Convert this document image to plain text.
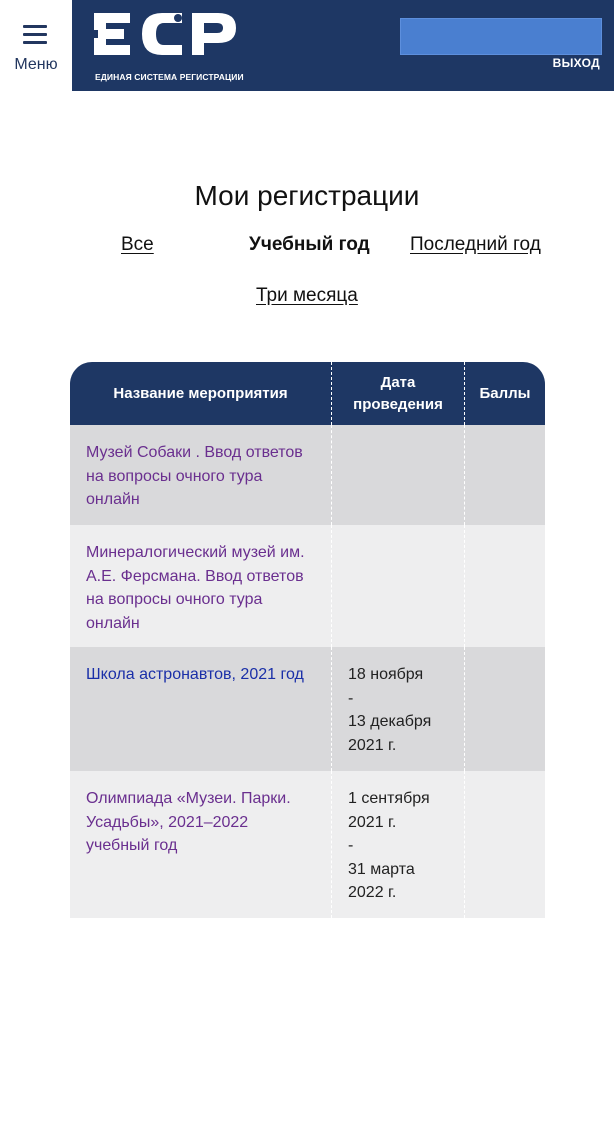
Меню
ЕДИНАЯ СИСТЕМА РЕГИСТРАЦИИ
ВЫХОД
Мои регистрации
Все	Учебный год Последний год
Три месяца
Название мероприятия
Дата
проведения
Баллы
Музей Собаки . Ввод ответов
на вопросы очного тура
онлайн
Минералогический музей им.
А.Е. Ферсмана. Ввод ответов
на вопросы очного тура
онлайн
Школа астронавтов, 2021 год	18 ноября
-
13 декабря
2021 г.
Олимпиада «Музеи. Парки.
Усадьбы», 2021–2022
учебный год
1 сентября
2021 г.
-
31 марта
2022 г.
